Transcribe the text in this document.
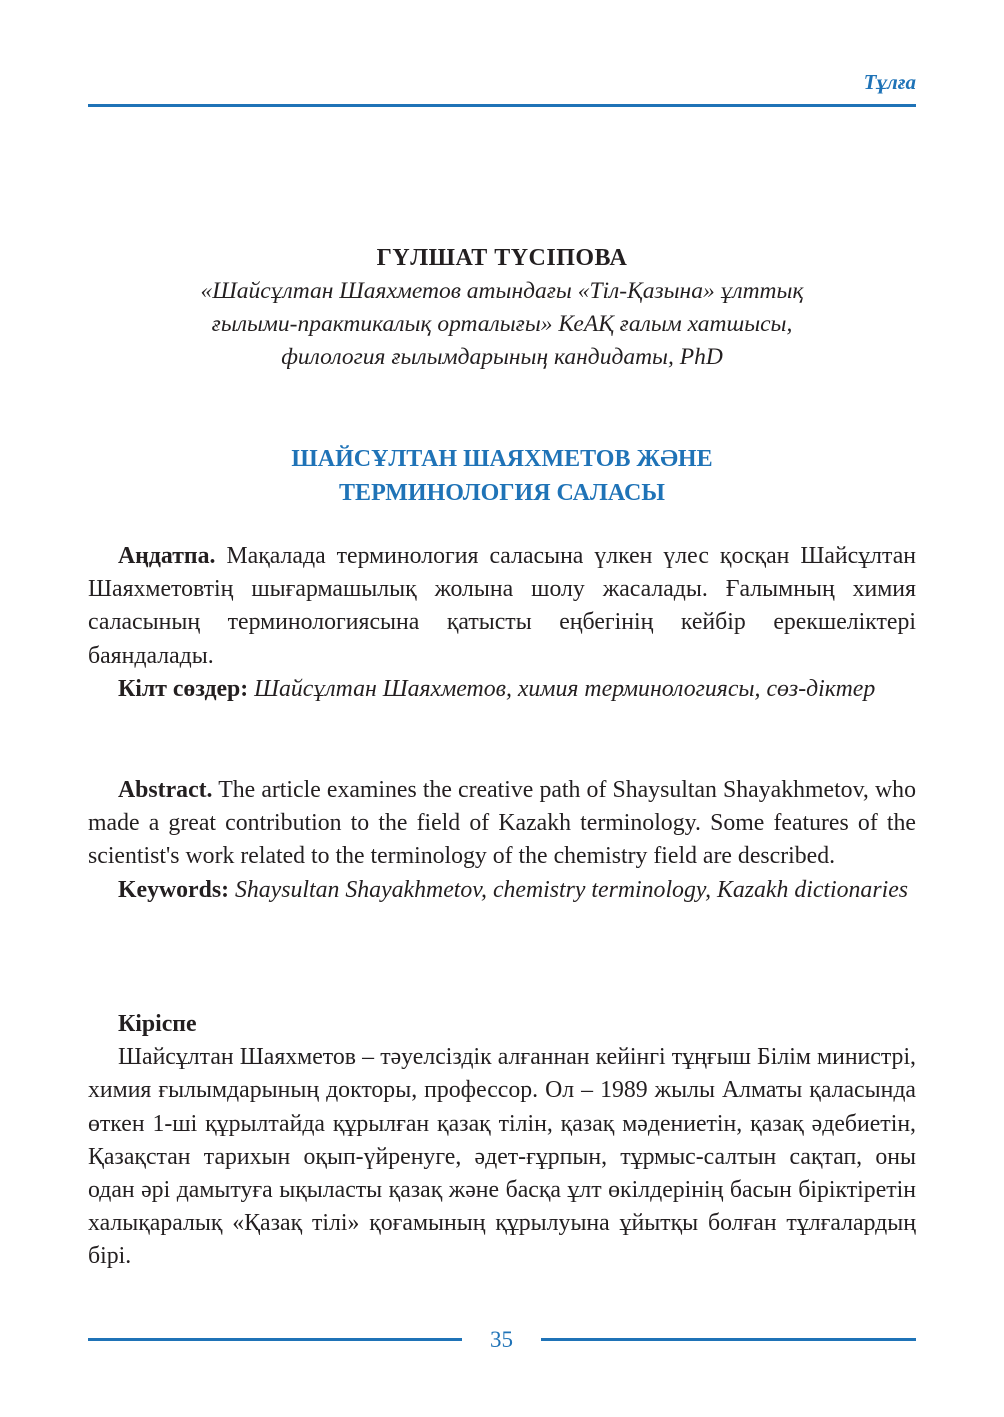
Тұлға
ГҮЛШАТ ТҮСІПОВА
«Шайсұлтан Шаяхметов атындағы «Тіл-Қазына» ұлттық
ғылыми-практикалық орталығы» КеАҚ ғалым хатшысы,
филология ғылымдарының кандидаты, PhD
ШАЙСҰЛТАН ШАЯХМЕТОВ ЖӘНЕ
ТЕРМИНОЛОГИЯ САЛАСЫ

Аңдатпа. Мақалада терминология саласына үлкен үлес қосқан Шайсұлтан Шаяхметовтің шығармашылық жолына шолу жасалады. Ғалымның химия саласының терминологиясына қатысты еңбегінің кейбір ерекшеліктері баяндалады.

Кілт сөздер: Шайсұлтан Шаяхметов, химия терминологиясы, сөз-діктер

Abstract. The article examines the creative path of Shaysultan Shayakhmetov, who made a great contribution to the field of Kazakh terminology. Some features of the scientist's work related to the terminology of the chemistry field are described.

Keywords: Shaysultan Shayakhmetov, chemistry terminology, Kazakh dictionaries

Кіріспе

Шайсұлтан Шаяхметов – тәуелсіздік алғаннан кейінгі тұңғыш Білім министрі, химия ғылымдарының докторы, профессор. Ол – 1989 жылы Алматы қаласында өткен 1-ші құрылтайда құрылған қазақ тілін, қазақ мәдениетін, қазақ әдебиетін, Қазақстан тарихын оқып-үйренуге, әдет-ғұрпын, тұрмыс-салтын сақтап, оны одан әрі дамытуға ықыласты қазақ және басқа ұлт өкілдерінің басын біріктіретін халықаралық «Қазақ тілі» қоғамының құрылуына ұйытқы болған тұлғалардың бірі.

35
